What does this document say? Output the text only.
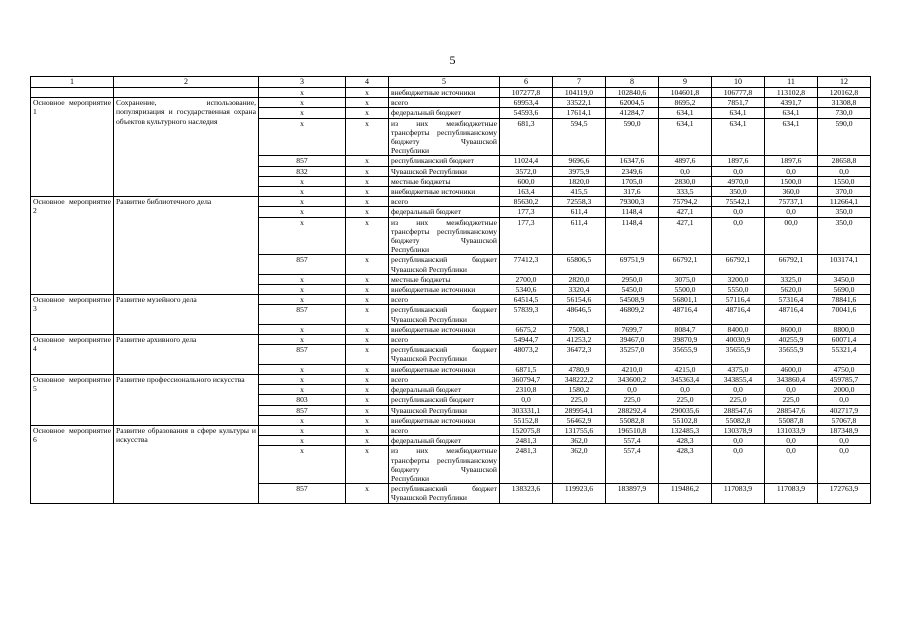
5
1	2	3	4	5	6	7	8	9	10	11	12
		x	x	внебюджетные источники	107277,8	104119,0	102840,6	104601,8	106777,8	113102,8	120162,8
Основное мероприятие 1	Сохранение, использование, популяризация и государственная охрана объектов культурного наследия	x	x	всего	69953,4	33522,1	62004,5	8695,2	7851,7	4391,7	31308,8
		x	x	федеральный бюджет	54593,6	17614,1	41284,7	634,1	634,1	634,1	730,0
		x	x	из них межбюджетные трансферты республиканскому бюджету Чувашской Республики	681,3	594,5	590,0	634,1	634,1	634,1	590,0
		857	x	республиканский бюджет	11024,4	9696,6	16347,6	4897,6	1897,6	1897,6	28658,8
		832	x	Чувашской Республики	3572,0	3975,9	2349,6	0,0	0,0	0,0	0,0
		x	x	местные бюджеты	600,0	1820,0	1705,0	2830,0	4970,0	1500,0	1550,0
		x	x	внебюджетные источники	163,4	415,5	317,6	333,5	350,0	360,0	370,0
Основное мероприятие 2	Развитие библиотечного дела	x	x	всего	85630,2	72558,3	79300,3	75794,2	75542,1	75737,1	112664,1
		x	x	федеральный бюджет	177,3	611,4	1148,4	427,1	0,0	0,0	350,0
		x	x	из них межбюджетные трансферты республиканскому бюджету Чувашской Республики	177,3	611,4	1148,4	427,1	0,0	00,0	350,0
		857	x	республиканский бюджет Чувашской Республики	77412,3	65806,5	69751,9	66792,1	66792,1	66792,1	103174,1
		x	x	местные бюджеты	2700,0	2820,0	2950,0	3075,0	3200,0	3325,0	3450,0
		x	x	внебюджетные источники	5340,6	3320,4	5450,0	5500,0	5550,0	5620,0	5690,0
Основное мероприятие 3	Развитие музейного дела	x	x	всего	64514,5	56154,6	54508,9	56801,1	57116,4	57316,4	78841,6
		857	x	республиканский бюджет Чувашской Республики	57839,3	48646,5	46809,2	48716,4	48716,4	48716,4	70041,6
		x	x	внебюджетные источники	6675,2	7508,1	7699,7	8084,7	8400,0	8600,0	8800,0
Основное мероприятие 4	Развитие архивного дела	x	x	всего	54944,7	41253,2	39467,0	39870,9	40030,9	40255,9	60071,4
		857	x	республиканский бюджет Чувашской Республики	48073,2	36472,3	35257,0	35655,9	35655,9	35655,9	55321,4
		x	x	внебюджетные источники	6871,5	4780,9	4210,0	4215,0	4375,0	4600,0	4750,0
Основное мероприятие 5	Развитие профессионального искусства	x	x	всего	360794,7	348222,2	343600,2	345363,4	343855,4	343860,4	459785,7
		x	x	федеральный бюджет	2310,8	1580,2	0,0	0,0	0,0	0,0	2000,0
		803	x	республиканский бюджет	0,0	225,0	225,0	225,0	225,0	225,0	0,0
		857	x	Чувашской Республики	303331,1	289954,1	288292,4	290035,6	288547,6	288547,6	402717,9
		x	x	внебюджетные источники	55152,8	56462,9	55082,8	55102,8	55082,8	55087,8	57067,8
Основное мероприятие 6	Развитие образования в сфере культуры и искусства	x	x	всего	152075,8	131755,6	196510,8	132485,3	130378,9	131033,9	187348,9
		x	x	федеральный бюджет	2481,3	362,0	557,4	428,3	0,0	0,0	0,0
		x	x	из них межбюджетные трансферты республиканскому бюджету Чувашской Республики	2481,3	362,0	557,4	428,3	0,0	0,0	0,0
		857	x	республиканский бюджет Чувашской Республики	138323,6	119923,6	183897,9	119486,2	117083,9	117083,9	172763,9
